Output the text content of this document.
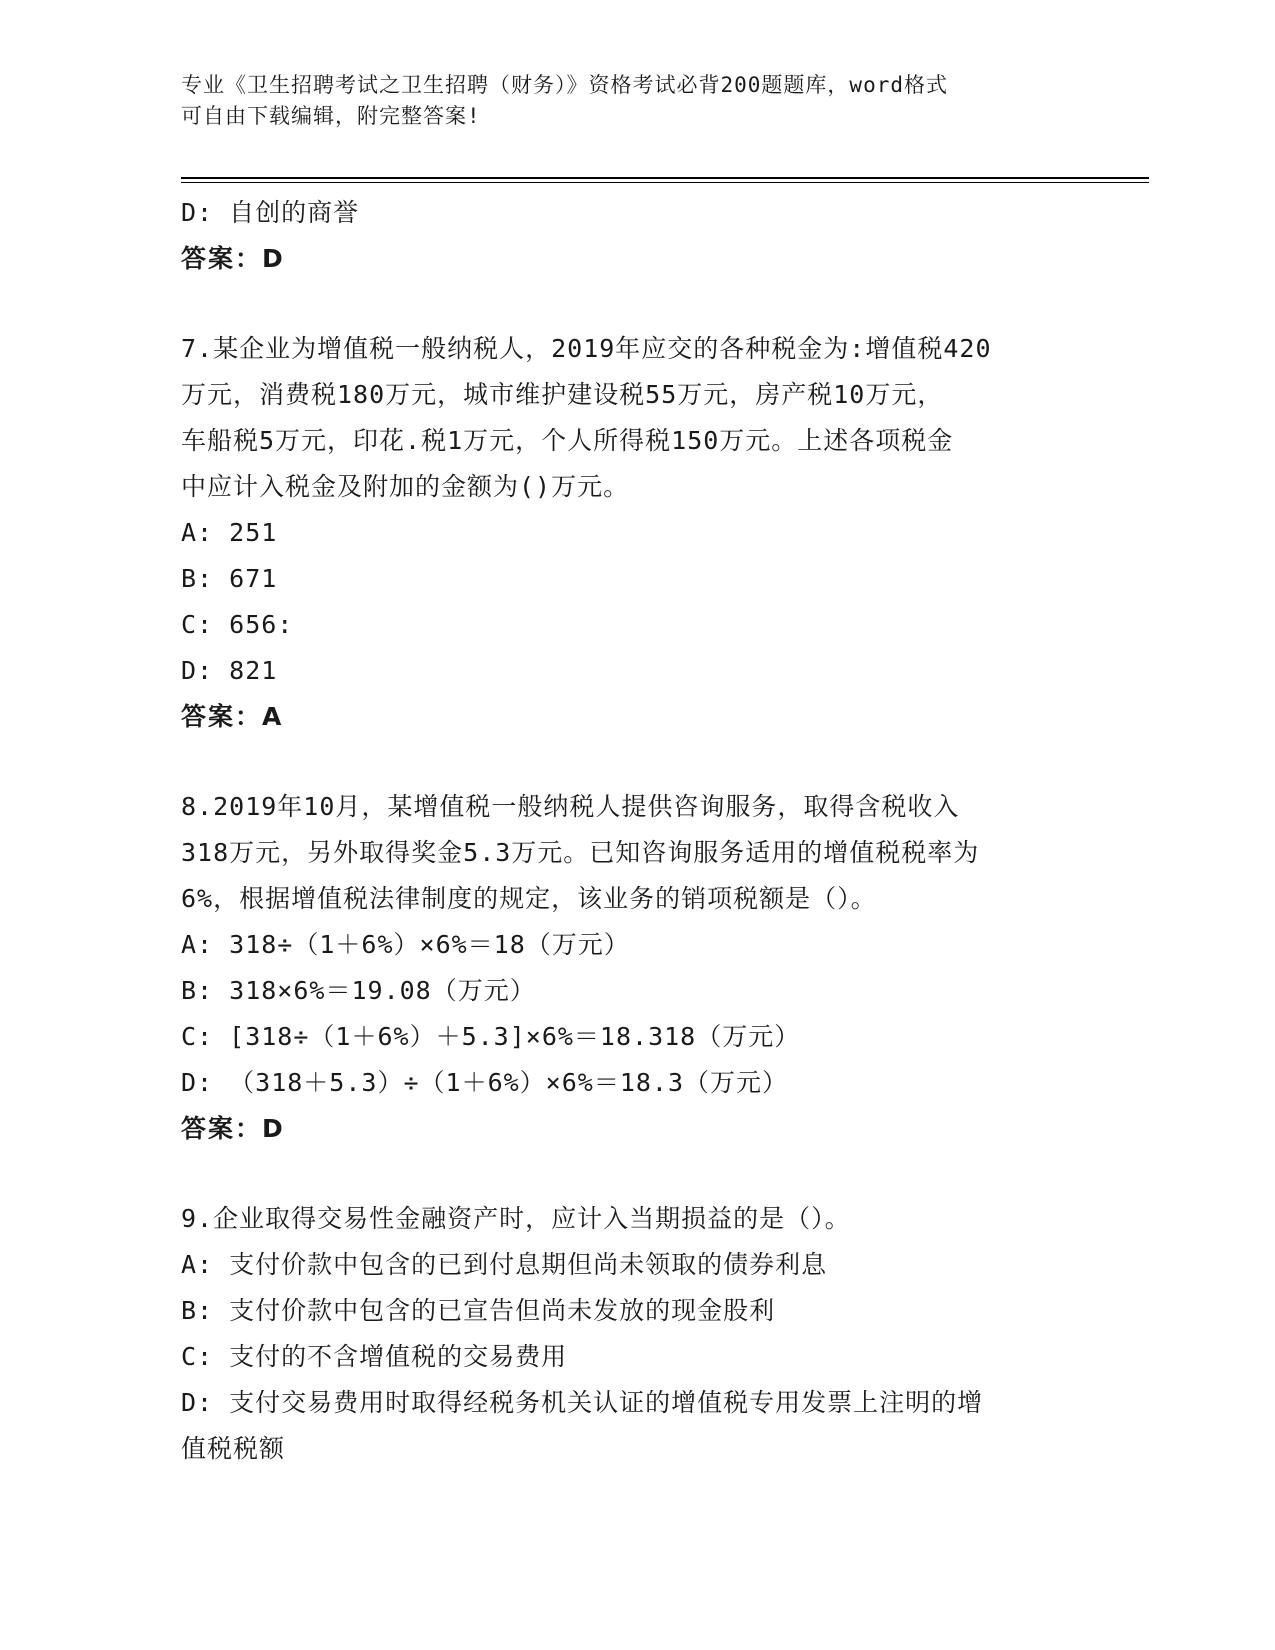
专业《卫生招聘考试之卫生招聘（财务）》资格考试必背200题题库，word格式
可自由下载编辑，附完整答案!
D: 自创的商誉
答案：D
7.某企业为增值税一般纳税人，2019年应交的各种税金为:增值税420
万元，消费税180万元，城市维护建设税55万元，房产税10万元，
车船税5万元，印花.税1万元，个人所得税150万元。上述各项税金
中应计入税金及附加的金额为()万元。
A: 251
B: 671
C: 656:
D: 821
答案：A
8.2019年10月，某增值税一般纳税人提供咨询服务，取得含税收入
318万元，另外取得奖金5.3万元。已知咨询服务适用的增值税税率为
6%，根据增值税法律制度的规定，该业务的销项税额是（）。
A: 318÷（1＋6%）×6%＝18（万元）
B: 318×6%＝19.08（万元）
C: [318÷（1＋6%）＋5.3]×6%＝18.318（万元）
D: （318＋5.3）÷（1＋6%）×6%＝18.3（万元）
答案：D
9.企业取得交易性金融资产时，应计入当期损益的是（）。
A: 支付价款中包含的已到付息期但尚未领取的债券利息
B: 支付价款中包含的已宣告但尚未发放的现金股利
C: 支付的不含增值税的交易费用
D: 支付交易费用时取得经税务机关认证的增值税专用发票上注明的增
值税税额
